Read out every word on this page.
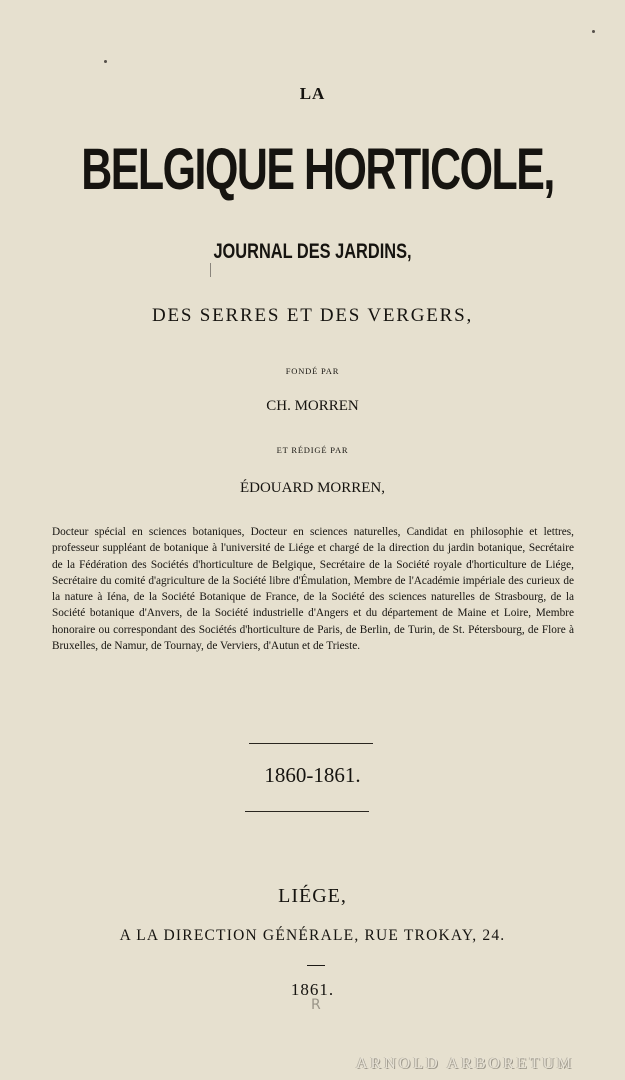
LA

BELGIQUE HORTICOLE,

JOURNAL DES JARDINS,

DES SERRES ET DES VERGERS,

FONDÉ PAR

CH. MORREN

ET RÉDIGÉ PAR

ÉDOUARD MORREN,

Docteur spécial en sciences botaniques, Docteur en sciences naturelles, Candidat en philosophie et lettres, professeur suppléant de botanique à l'université de Liége et chargé de la direction du jardin botanique, Secrétaire de la Fédération des Sociétés d'horticulture de Belgique, Secrétaire de la Société royale d'horticulture de Liége, Secrétaire du comité d'agriculture de la Société libre d'Émulation, Membre de l'Académie impériale des curieux de la nature à Iéna, de la Société Botanique de France, de la Société des sciences naturelles de Strasbourg, de la Société botanique d'Anvers, de la Société industrielle d'Angers et du département de Maine et Loire, Membre honoraire ou correspondant des Sociétés d'horticulture de Paris, de Berlin, de Turin, de St. Pétersbourg, de Flore à Bruxelles, de Namur, de Tournay, de Verviers, d'Autun et de Trieste.

1860-1861.

LIÉGE,

A LA DIRECTION GÉNÉRALE, RUE TROKAY, 24.

1861.

R
ARNOLD ARBORETUM
